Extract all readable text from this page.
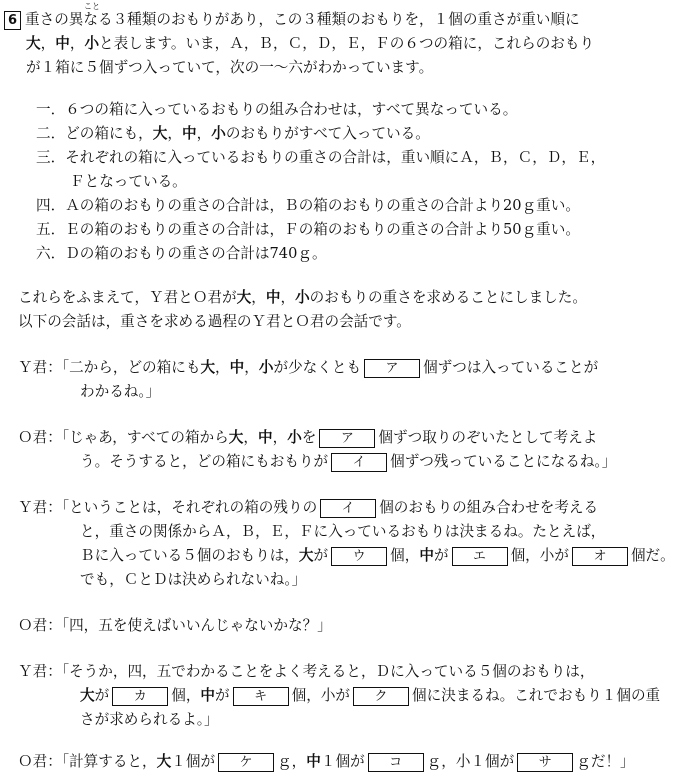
こと
6 重さの異なる３種類のおもりがあり，この３種類のおもりを，１個の重さが重い順に
大，中，小と表します。いま，Ａ，Ｂ，Ｃ，Ｄ，Ｅ，Ｆの６つの箱に，これらのおもり
が１箱に５個ずつ入っていて，次の一～六がわかっています。
一．６つの箱に入っているおもりの組み合わせは，すべて異なっている。
二．どの箱にも，大，中，小のおもりがすべて入っている。
三．それぞれの箱に入っているおもりの重さの合計は，重い順にＡ，Ｂ，Ｃ，Ｄ，Ｅ，
Ｆとなっている。
四．Ａの箱のおもりの重さの合計は，Ｂの箱のおもりの重さの合計より20ｇ重い。
五．Ｅの箱のおもりの重さの合計は，Ｆの箱のおもりの重さの合計より50ｇ重い。
六．Ｄの箱のおもりの重さの合計は740ｇ。
これらをふまえて，Ｙ君とＯ君が大，中，小のおもりの重さを求めることにしました。
以下の会話は，重さを求める過程のＹ君とＯ君の会話です。
Ｙ君：「二から，どの箱にも大，中，小が少なくとも ア 個ずつは入っていることが
わかるね。」
Ｏ君：「じゃあ，すべての箱から大，中，小を ア 個ずつ取りのぞいたとして考えよ
う。そうすると，どの箱にもおもりが イ 個ずつ残っていることになるね。」
Ｙ君：「ということは，それぞれの箱の残りの イ 個のおもりの組み合わせを考える
と，重さの関係からＡ，Ｂ，Ｅ，Ｆに入っているおもりは決まるね。たとえば，
Ｂに入っている５個のおもりは，大が ウ 個，中が エ 個，小が オ 個だ。
でも，ＣとＤは決められないね。」
Ｏ君：「四，五を使えばいいんじゃないかな？」
Ｙ君：「そうか，四，五でわかることをよく考えると，Ｄに入っている５個のおもりは，
大が カ 個，中が キ 個，小が ク 個に決まるね。これでおもり１個の重
さが求められるよ。」
Ｏ君：「計算すると，大１個が ケ ｇ，中１個が コ ｇ，小１個が サ ｇだ！」
